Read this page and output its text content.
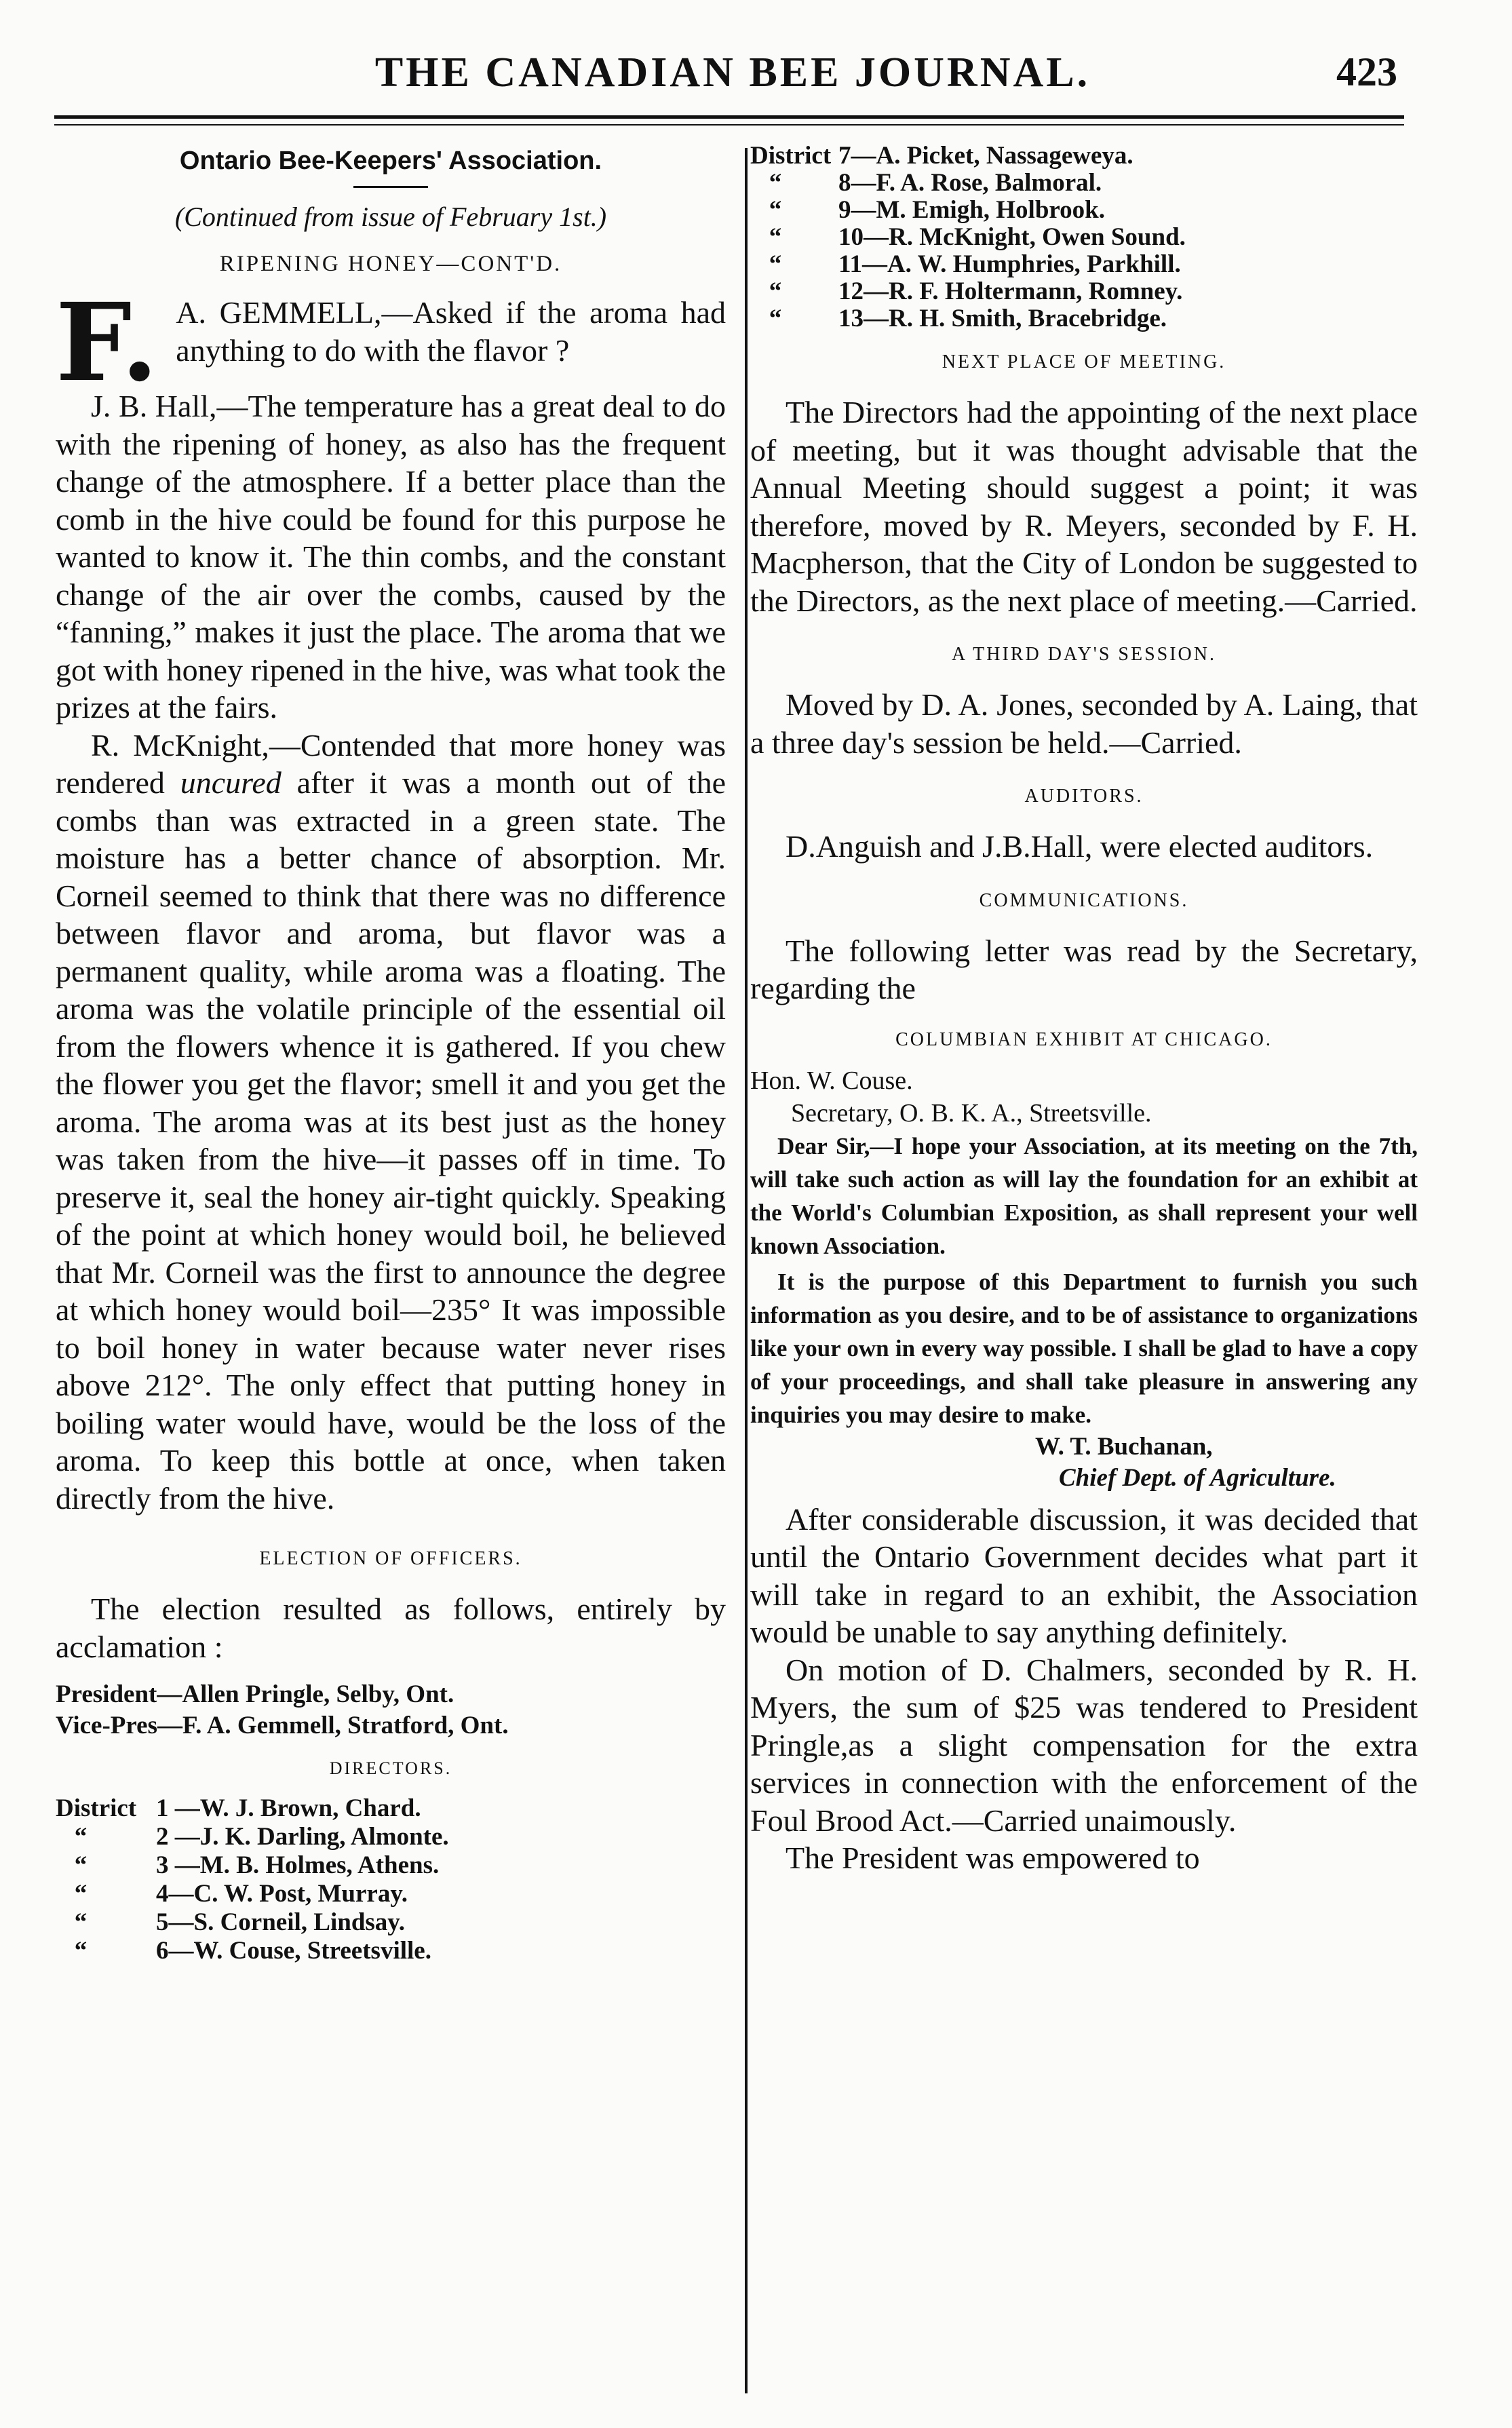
THE CANADIAN BEE JOURNAL.	423
Ontario Bee-Keepers' Association.
(Continued from issue of February 1st.)
RIPENING HONEY—CONT'D.

F. A. GEMMELL,—Asked if the aroma had anything to do with the flavor ?

J. B. Hall,—The temperature has a great deal to do with the ripening of honey, as also has the frequent change of the atmosphere. If a better place than the comb in the hive could be found for this purpose he wanted to know it. The thin combs, and the constant change of the air over the combs, caused by the “fanning,” makes it just the place. The aroma that we got with honey ripened in the hive, was what took the prizes at the fairs.

R. McKnight,—Contended that more honey was rendered uncured after it was a month out of the combs than was extracted in a green state. The moisture has a better chance of absorption. Mr. Corneil seemed to think that there was no difference between flavor and aroma, but flavor was a permanent quality, while aroma was a floating. The aroma was the volatile principle of the essential oil from the flowers whence it is gathered. If you chew the flower you get the flavor; smell it and you get the aroma. The aroma was at its best just as the honey was taken from the hive—it passes off in time. To preserve it, seal the honey air-tight quickly. Speaking of the point at which honey would boil, he believed that Mr. Corneil was the first to announce the degree at which honey would boil—235° It was impossible to boil honey in water because water never rises above 212°. The only effect that putting honey in boiling water would have, would be the loss of the aroma. To keep this bottle at once, when taken directly from the hive.

ELECTION OF OFFICERS.

The election resulted as follows, entirely by acclamation :

President—Allen Pringle, Selby, Ont.
Vice-Pres—F. A. Gemmell, Stratford, Ont.
DIRECTORS.
District 1 —W. J. Brown, Chard.
“	2 —J. K. Darling, Almonte.
“	3 —M. B. Holmes, Athens.
“	4—C. W. Post, Murray.
“	5—S. Corneil, Lindsay.
“	6—W. Couse, Streetsville.
District 7—A. Picket, Nassageweya.
“	8—F. A. Rose, Balmoral.
“	9—M. Emigh, Holbrook.
“	10—R. McKnight, Owen Sound.
“	11—A. W. Humphries, Parkhill.
“	12—R. F. Holtermann, Romney.
“	13—R. H. Smith, Bracebridge.
NEXT PLACE OF MEETING.

The Directors had the appointing of the next place of meeting, but it was thought advisable that the Annual Meeting should suggest a point; it was therefore, moved by R. Meyers, seconded by F. H. Macpherson, that the City of London be suggested to the Directors, as the next place of meeting.—Carried.

A THIRD DAY'S SESSION.

Moved by D. A. Jones, seconded by A. Laing, that a three day's session be held.—Carried.

AUDITORS.

D.Anguish and J.B.Hall, were elected auditors.

COMMUNICATIONS.

The following letter was read by the Secretary, regarding the

COLUMBIAN EXHIBIT AT CHICAGO.
Hon. W. Couse.
Secretary, O. B. K. A., Streetsville.

Dear Sir,—I hope your Association, at its meeting on the 7th, will take such action as will lay the foundation for an exhibit at the World's Columbian Exposition, as shall represent your well known Association.

It is the purpose of this Department to furnish you such information as you desire, and to be of assistance to organizations like your own in every way possible. I shall be glad to have a copy of your proceedings, and shall take pleasure in answering any inquiries you may desire to make.

W. T. Buchanan,
Chief Dept. of Agriculture.

After considerable discussion, it was decided that until the Ontario Government decides what part it will take in regard to an exhibit, the Association would be unable to say anything definitely.

On motion of D. Chalmers, seconded by R. H. Myers, the sum of $25 was tendered to President Pringle,as a slight compensation for the extra services in connection with the enforcement of the Foul Brood Act.—Carried unaimously.

The President was empowered to
